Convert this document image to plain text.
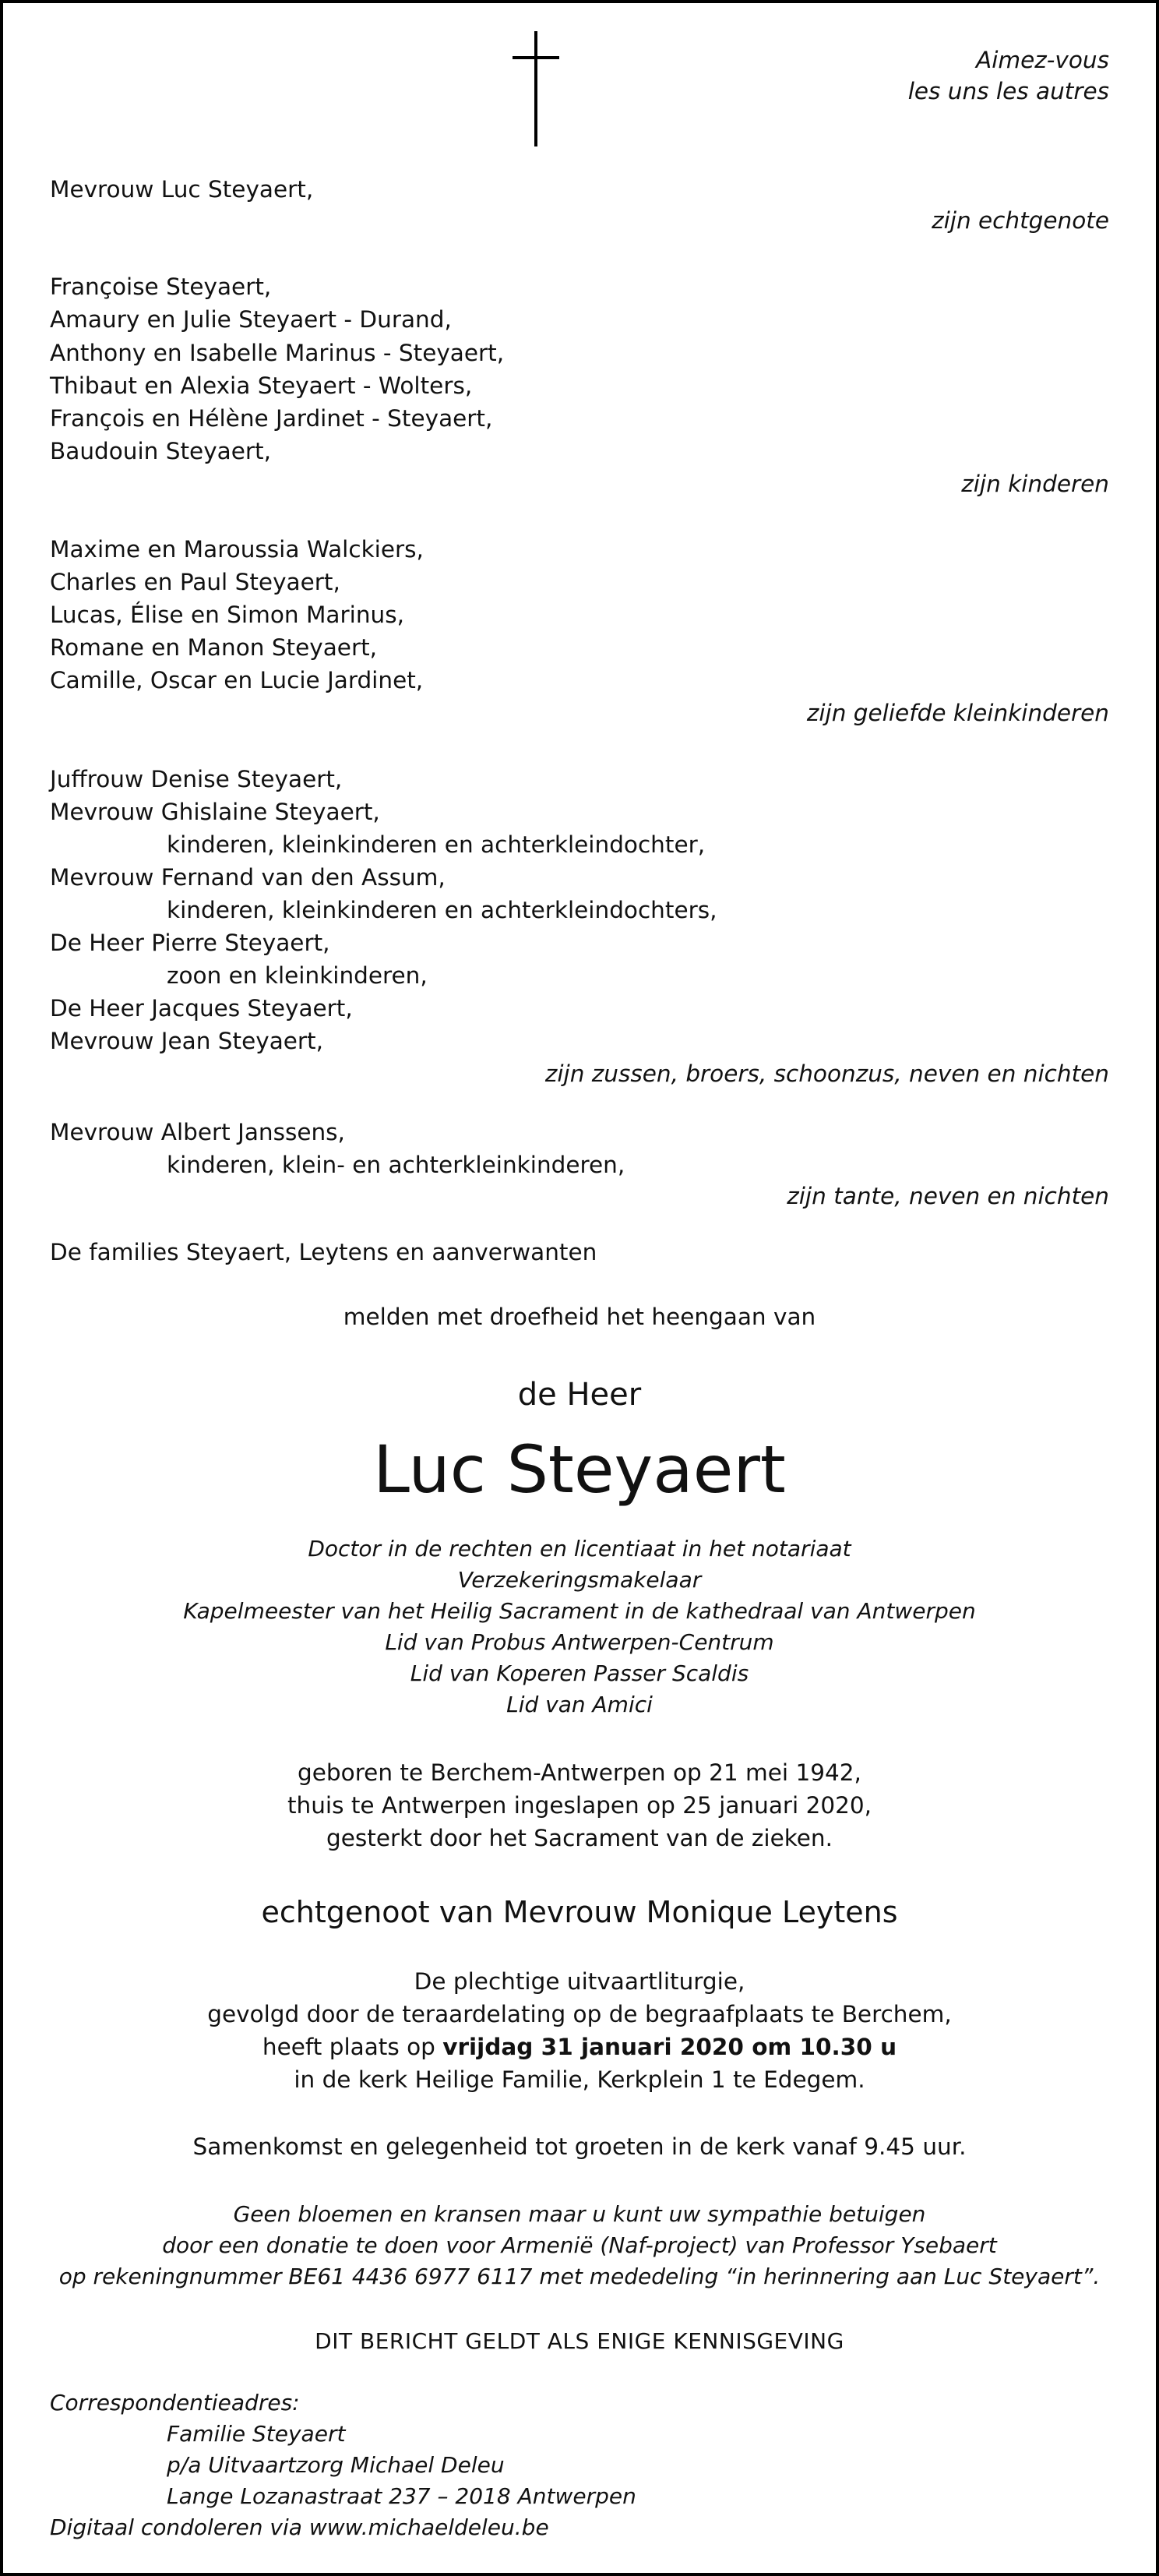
Aimez-vous
les uns les autres
Mevrouw Luc Steyaert,
zijn echtgenote
Françoise Steyaert,
Amaury en Julie Steyaert - Durand,
Anthony en Isabelle Marinus - Steyaert,
Thibaut en Alexia Steyaert - Wolters,
François en Hélène Jardinet - Steyaert,
Baudouin Steyaert,
zijn kinderen
Maxime en Maroussia Walckiers,
Charles en Paul Steyaert,
Lucas, Élise en Simon Marinus,
Romane en Manon Steyaert,
Camille, Oscar en Lucie Jardinet,
zijn geliefde kleinkinderen
Juffrouw Denise Steyaert,
Mevrouw Ghislaine Steyaert,
kinderen, kleinkinderen en achterkleindochter,
Mevrouw Fernand van den Assum,
kinderen, kleinkinderen en achterkleindochters,
De Heer Pierre Steyaert,
zoon en kleinkinderen,
De Heer Jacques Steyaert,
Mevrouw Jean Steyaert,
zijn zussen, broers, schoonzus, neven en nichten
Mevrouw Albert Janssens,
kinderen, klein- en achterkleinkinderen,
zijn tante, neven en nichten
De families Steyaert, Leytens en aanverwanten
melden met droefheid het heengaan van
de Heer
Luc Steyaert
Doctor in de rechten en licentiaat in het notariaat
Verzekeringsmakelaar
Kapelmeester van het Heilig Sacrament in de kathedraal van Antwerpen
Lid van Probus Antwerpen-Centrum
Lid van Koperen Passer Scaldis
Lid van Amici
geboren te Berchem-Antwerpen op 21 mei 1942,
thuis te Antwerpen ingeslapen op 25 januari 2020,
gesterkt door het Sacrament van de zieken.
echtgenoot van Mevrouw Monique Leytens
De plechtige uitvaartliturgie,
gevolgd door de teraardelating op de begraafplaats te Berchem,
heeft plaats op vrijdag 31 januari 2020 om 10.30 u
in de kerk Heilige Familie, Kerkplein 1 te Edegem.
Samenkomst en gelegenheid tot groeten in de kerk vanaf 9.45 uur.
Geen bloemen en kransen maar u kunt uw sympathie betuigen
door een donatie te doen voor Armenië (Naf-project) van Professor Ysebaert
op rekeningnummer BE61 4436 6977 6117 met mededeling “in herinnering aan Luc Steyaert”.
DIT BERICHT GELDT ALS ENIGE KENNISGEVING
Correspondentieadres:
Familie Steyaert
p/a Uitvaartzorg Michael Deleu
Lange Lozanastraat 237 – 2018 Antwerpen
Digitaal condoleren via www.michaeldeleu.be
